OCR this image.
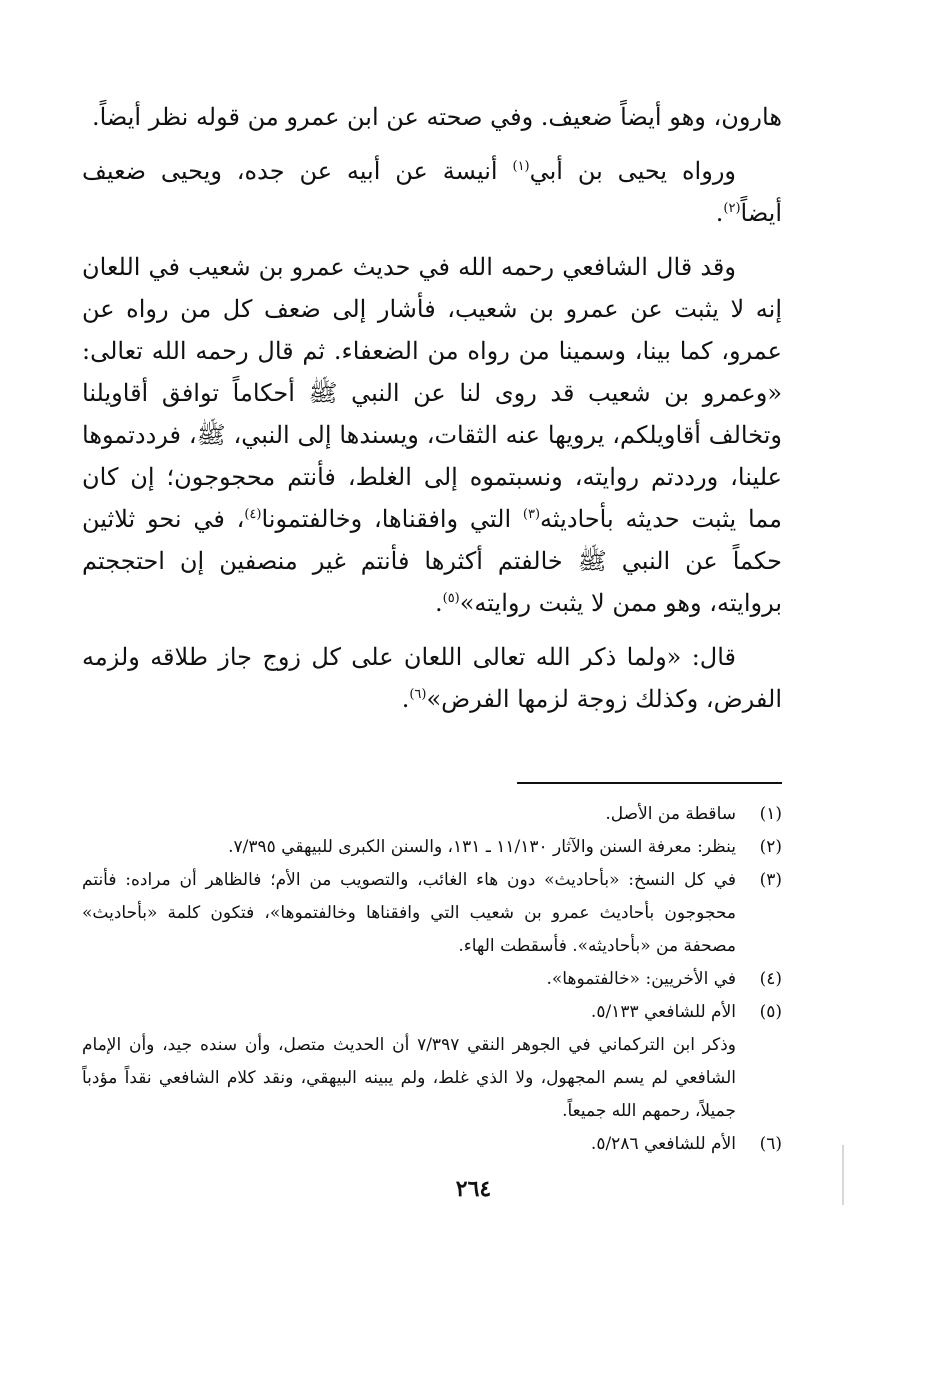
هارون، وهو أيضاً ضعيف. وفي صحته عن ابن عمرو من قوله نظر أيضاً.

ورواه يحيى بن أبي$^{(١)}$ أنيسة عن أبيه عن جده، ويحيى ضعيف أيضاً$^{(٢)}$.

وقد قال الشافعي رحمه الله في حديث عمرو بن شعيب في اللعان إنه لا يثبت عن عمرو بن شعيب، فأشار إلى ضعف كل من رواه عن عمرو، كما بينا، وسمينا من رواه من الضعفاء. ثم قال رحمه الله تعالى: «وعمرو بن شعيب قد روى لنا عن النبي ﷺ أحكاماً توافق أقاويلنا وتخالف أقاويلكم، يرويها عنه الثقات، ويسندها إلى النبي، ﷺ، فرددتموها علينا، ورددتم روايته، ونسبتموه إلى الغلط، فأنتم محجوجون؛ إن كان مما يثبت حديثه بأحاديثه$^{(٣)}$ التي وافقناها، وخالفتمونا$^{(٤)}$، في نحو ثلاثين حكماً عن النبي ﷺ خالفتم أكثرها فأنتم غير منصفين إن احتججتم بروايته، وهو ممن لا يثبت روايته»$^{(٥)}$.

قال: «ولما ذكر الله تعالى اللعان على كل زوج جاز طلاقه ولزمه الفرض، وكذلك زوجة لزمها الفرض»$^{(٦)}$.

(١)
ساقطة من الأصل.
(٢)
ينظر: معرفة السنن والآثار ١١/١٣٠ ـ ١٣١، والسنن الكبرى للبيهقي ٧/٣٩٥.
(٣)
في كل النسخ: «بأحاديث» دون هاء الغائب، والتصويب من الأم؛ فالظاهر أن مراده: فأنتم محجوجون بأحاديث عمرو بن شعيب التي وافقناها وخالفتموها»، فتكون كلمة «بأحاديث» مصحفة من «بأحاديثه». فأسقطت الهاء.
(٤)
في الأخريين: «خالفتموها».
(٥)
الأم للشافعي ٥/١٣٣.
وذكر ابن التركماني في الجوهر النقي ٧/٣٩٧ أن الحديث متصل، وأن سنده جيد، وأن الإمام الشافعي لم يسم المجهول، ولا الذي غلط، ولم يبينه البيهقي، ونقد كلام الشافعي نقداً مؤدباً جميلاً، رحمهم الله جميعاً.
(٦)
الأم للشافعي ٥/٢٨٦.
٢٦٤
